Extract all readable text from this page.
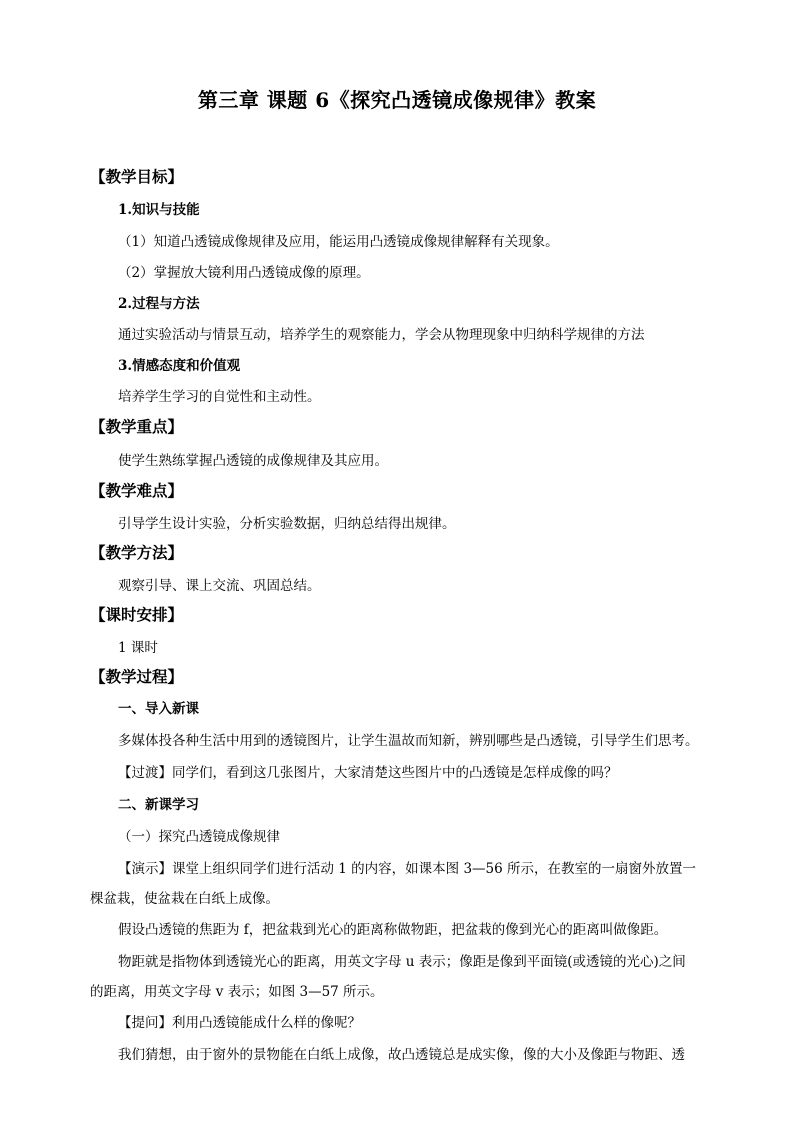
第三章 课题 6《探究凸透镜成像规律》教案
【教学目标】
1.知识与技能
（1）知道凸透镜成像规律及应用，能运用凸透镜成像规律解释有关现象。
（2）掌握放大镜利用凸透镜成像的原理。
2.过程与方法
通过实验活动与情景互动，培养学生的观察能力，学会从物理现象中归纳科学规律的方法
3.情感态度和价值观
培养学生学习的自觉性和主动性。
【教学重点】
使学生熟练掌握凸透镜的成像规律及其应用。
【教学难点】
引导学生设计实验，分析实验数据，归纳总结得出规律。
【教学方法】
观察引导、课上交流、巩固总结。
【课时安排】
1 课时
【教学过程】
一、导入新课
多媒体投各种生活中用到的透镜图片，让学生温故而知新，辨别哪些是凸透镜，引导学生们思考。
【过渡】同学们，看到这几张图片，大家清楚这些图片中的凸透镜是怎样成像的吗？
二、新课学习
（一）探究凸透镜成像规律
【演示】课堂上组织同学们进行活动 1 的内容，如课本图 3—56 所示，在教室的一扇窗外放置一
棵盆栽，使盆栽在白纸上成像。
假设凸透镜的焦距为 f，把盆栽到光心的距离称做物距，把盆栽的像到光心的距离叫做像距。
物距就是指物体到透镜光心的距离，用英文字母 u 表示；像距是像到平面镜(或透镜的光心)之间
的距离，用英文字母 v 表示；如图 3—57 所示。
【提问】利用凸透镜能成什么样的像呢？
我们猜想，由于窗外的景物能在白纸上成像，故凸透镜总是成实像，像的大小及像距与物距、透
